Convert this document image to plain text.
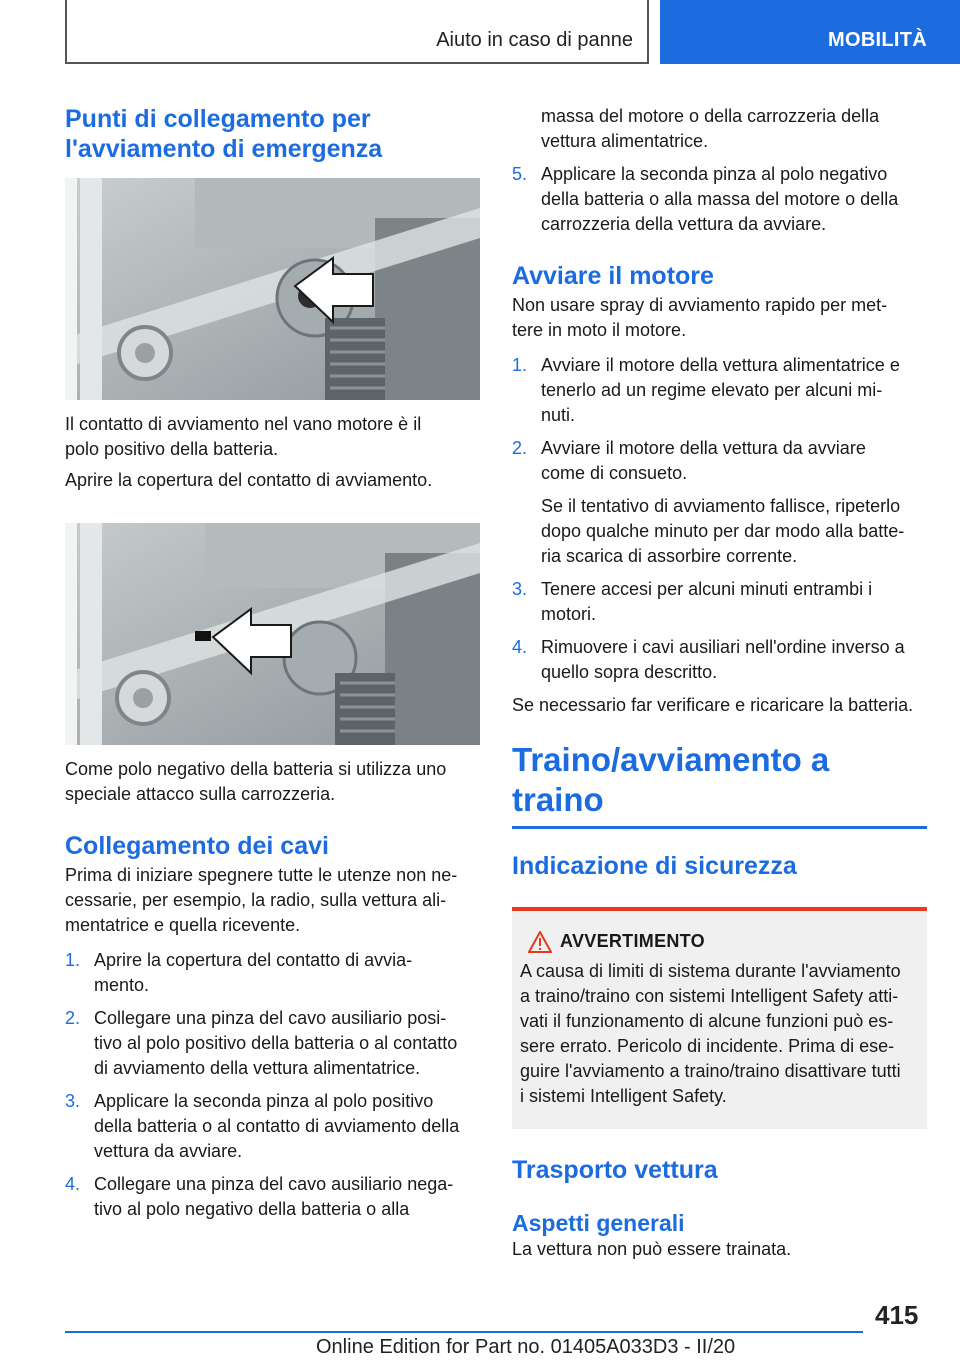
Aiuto in caso di panne	MOBILITÀ
Punti di collegamento per
l'avviamento di emergenza

Il contatto di avviamento nel vano motore è il
polo positivo della batteria.

Aprire la copertura del contatto di avviamento.

Come polo negativo della batteria si utilizza uno
speciale attacco sulla carrozzeria.

Collegamento dei cavi

Prima di iniziare spegnere tutte le utenze non ne-
cessarie, per esempio, la radio, sulla vettura ali-
mentatrice e quella ricevente.

1. Aprire la copertura del contatto di avvia-
mento.
2. Collegare una pinza del cavo ausiliario posi-
tivo al polo positivo della batteria o al contatto
di avviamento della vettura alimentatrice.
3. Applicare la seconda pinza al polo positivo
della batteria o al contatto di avviamento della
vettura da avviare.
4. Collegare una pinza del cavo ausiliario nega-
tivo al polo negativo della batteria o alla
massa del motore o della carrozzeria della
vettura alimentatrice.
5. Applicare la seconda pinza al polo negativo
della batteria o alla massa del motore o della
carrozzeria della vettura da avviare.
Avviare il motore

Non usare spray di avviamento rapido per met-
tere in moto il motore.

1. Avviare il motore della vettura alimentatrice e
tenerlo ad un regime elevato per alcuni mi-
nuti.
2. Avviare il motore della vettura da avviare
come di consueto.
Se il tentativo di avviamento fallisce, ripeterlo
dopo qualche minuto per dar modo alla batte-
ria scarica di assorbire corrente.
3. Tenere accesi per alcuni minuti entrambi i
motori.
4. Rimuovere i cavi ausiliari nell'ordine inverso a
quello sopra descritto.

Se necessario far verificare e ricaricare la batteria.

Traino/avviamento a traino
Indicazione di sicurezza
AVVERTIMENTO

A causa di limiti di sistema durante l'avviamento
a traino/traino con sistemi Intelligent Safety atti-
vati il funzionamento di alcune funzioni può es-
sere errato. Pericolo di incidente. Prima di ese-
guire l'avviamento a traino/traino disattivare tutti
i sistemi Intelligent Safety.

Trasporto vettura
Aspetti generali

La vettura non può essere trainata.

415
Online Edition for Part no. 01405A033D3 - II/20
